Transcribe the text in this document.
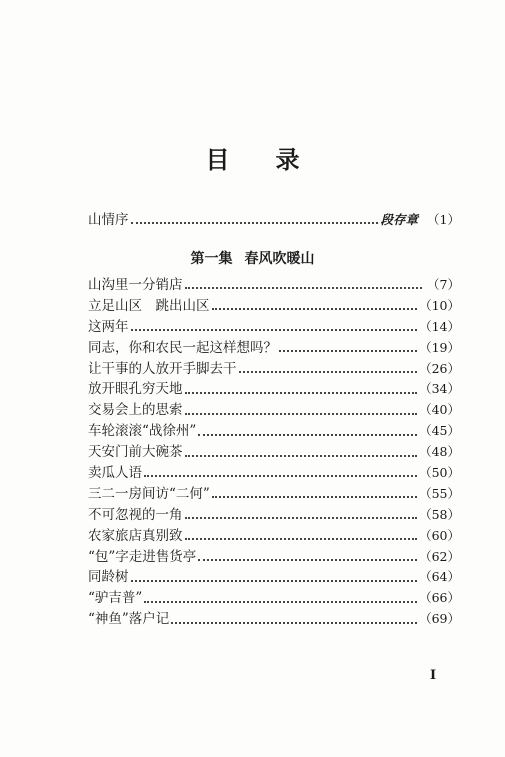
目录
山情序	段存章 （1）
第一集 春风吹暖山
山沟里一分销店	（7）
立足山区　跳出山区	（10）
这两年	（14）
同志，你和农民一起这样想吗？	（19）
让干事的人放开手脚去干	（26）
放开眼孔穷天地	（34）
交易会上的思索	（40）
车轮滚滚“战徐州”	（45）
天安门前大碗茶	（48）
卖瓜人语	（50）
三二一房间访“二何”	（55）
不可忽视的一角	（58）
农家旅店真别致	（60）
“包”字走进售货亭	（62）
同龄树	（64）
“驴吉普”	（66）
“神鱼”落户记	（69）
I
